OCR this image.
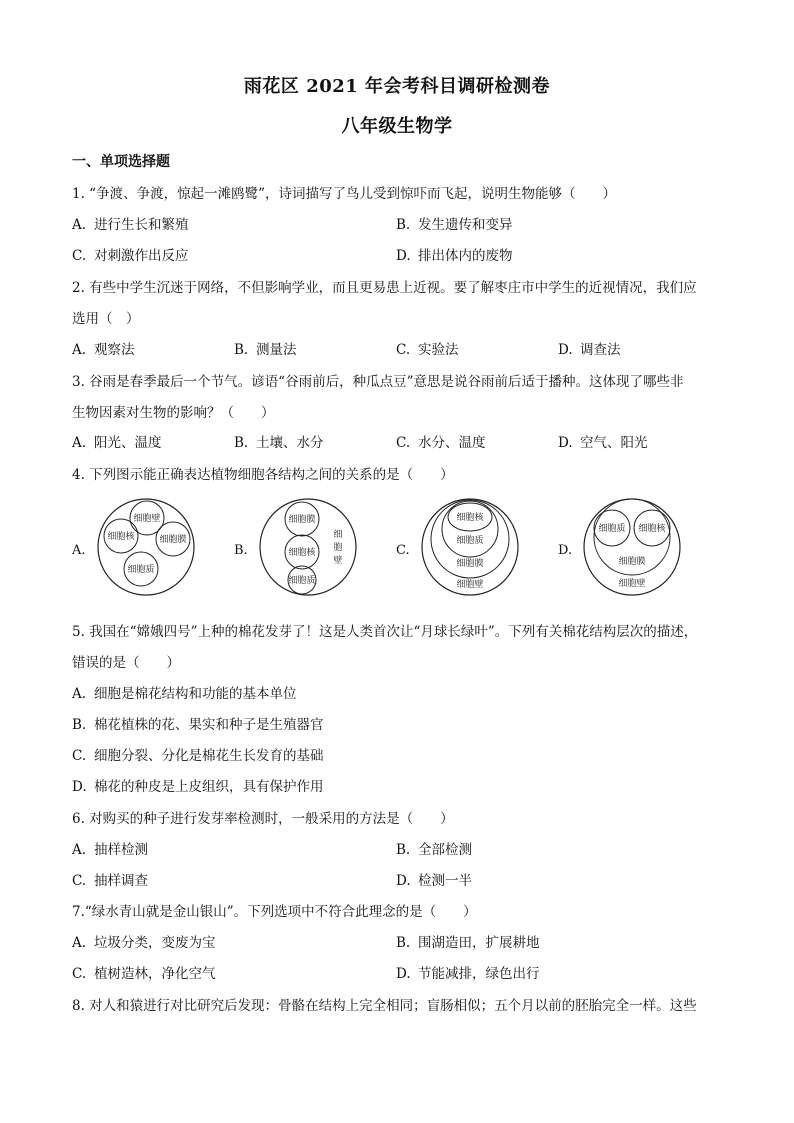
雨花区 2021 年会考科目调研检测卷
八年级生物学
一、单项选择题
1. “争渡、争渡，惊起一滩鸥鹭”，诗词描写了鸟儿受到惊吓而飞起，说明生物能够（　　）
A. 进行生长和繁殖	B. 发生遗传和变异
C. 对刺激作出反应	D. 排出体内的废物
2. 有些中学生沉迷于网络，不但影响学业，而且更易患上近视。要了解枣庄市中学生的近视情况，我们应
选用（　）
A. 观察法	B. 测量法	C. 实验法	D. 调查法
3. 谷雨是春季最后一个节气。谚语“谷雨前后，种瓜点豆”意思是说谷雨前后适于播种。这体现了哪些非
生物因素对生物的影响？（　　）
A. 阳光、温度	B. 土壤、水分	C. 水分、温度	D. 空气、阳光
4. 下列图示能正确表达植物细胞各结构之间的关系的是（　　）
A.	B.	C.	D.
细胞壁
细胞核	细胞膜
细胞质
细胞膜
细胞核
细胞质
细
胞
壁
细胞核
细胞质
细胞膜
细胞壁
细胞质 细胞核
细胞膜
细胞壁
5. 我国在“嫦娥四号”上种的棉花发芽了！这是人类首次让“月球长绿叶”。下列有关棉花结构层次的描述，
错误的是（　　）
A. 细胞是棉花结构和功能的基本单位
B. 棉花植株的花、果实和种子是生殖器官
C. 细胞分裂、分化是棉花生长发育的基础
D. 棉花的种皮是上皮组织，具有保护作用
6. 对购买的种子进行发芽率检测时，一般采用的方法是（　　）
A. 抽样检测	B. 全部检测
C. 抽样调查	D. 检测一半
7.“绿水青山就是金山银山”。下列选项中不符合此理念的是（　　）
A. 垃圾分类，变废为宝	B. 围湖造田，扩展耕地
C. 植树造林，净化空气	D. 节能减排，绿色出行
8. 对人和猿进行对比研究后发现：骨骼在结构上完全相同；盲肠相似；五个月以前的胚胎完全一样。这些
